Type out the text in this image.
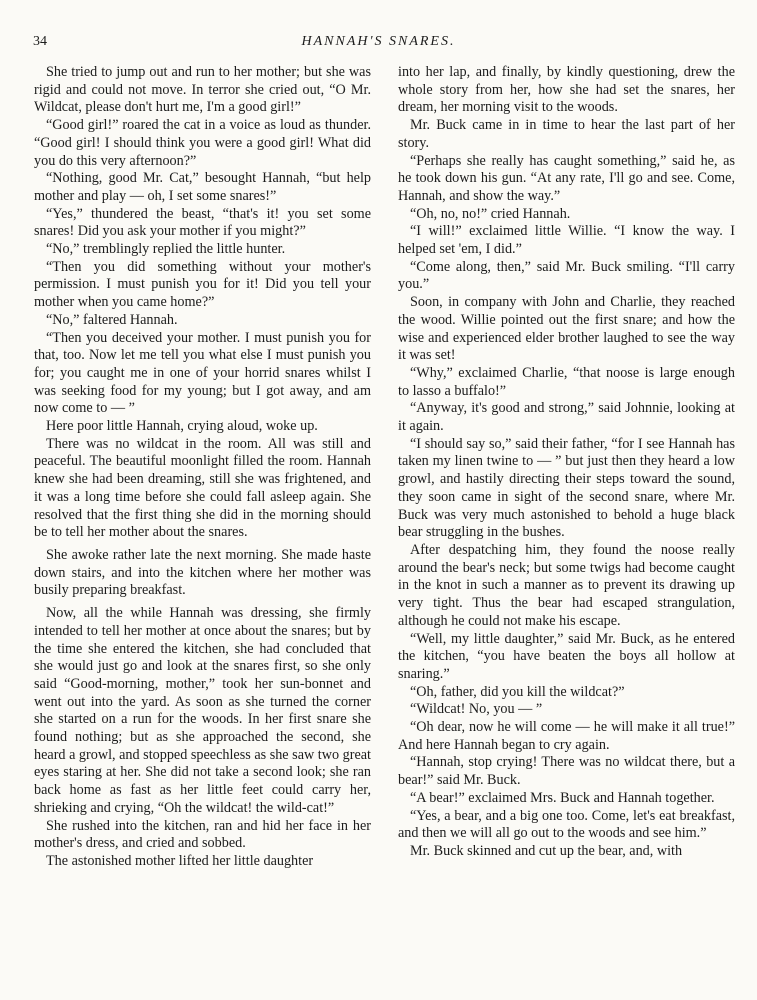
34	HANNAH'S SNARES.

She tried to jump out and run to her mother; but she was rigid and could not move. In terror she cried out, “O Mr. Wildcat, please don't hurt me, I'm a good girl!”

“Good girl!” roared the cat in a voice as loud as thunder. “Good girl! I should think you were a good girl! What did you do this very afternoon?”

“Nothing, good Mr. Cat,” besought Hannah, “but help mother and play — oh, I set some snares!”

“Yes,” thundered the beast, “that's it! you set some snares! Did you ask your mother if you might?”

“No,” tremblingly replied the little hunter.

“Then you did something without your mother's permission. I must punish you for it! Did you tell your mother when you came home?”

“No,” faltered Hannah.

“Then you deceived your mother. I must punish you for that, too. Now let me tell you what else I must punish you for; you caught me in one of your horrid snares whilst I was seeking food for my young; but I got away, and am now come to — ”

Here poor little Hannah, crying aloud, woke up.

There was no wildcat in the room. All was still and peaceful. The beautiful moonlight filled the room. Hannah knew she had been dreaming, still she was frightened, and it was a long time before she could fall asleep again. She resolved that the first thing she did in the morning should be to tell her mother about the snares.

She awoke rather late the next morning. She made haste down stairs, and into the kitchen where her mother was busily preparing breakfast.

Now, all the while Hannah was dressing, she firmly intended to tell her mother at once about the snares; but by the time she entered the kitchen, she had concluded that she would just go and look at the snares first, so she only said “Good-morning, mother,” took her sun-bonnet and went out into the yard. As soon as she turned the corner she started on a run for the woods. In her first snare she found nothing; but as she approached the second, she heard a growl, and stopped speechless as she saw two great eyes staring at her. She did not take a second look; she ran back home as fast as her little feet could carry her, shrieking and crying, “Oh the wildcat! the wild-cat!”

She rushed into the kitchen, ran and hid her face in her mother's dress, and cried and sobbed.

The astonished mother lifted her little daughter

into her lap, and finally, by kindly questioning, drew the whole story from her, how she had set the snares, her dream, her morning visit to the woods.

Mr. Buck came in in time to hear the last part of her story.

“Perhaps she really has caught something,” said he, as he took down his gun. “At any rate, I'll go and see. Come, Hannah, and show the way.”

“Oh, no, no!” cried Hannah.

“I will!” exclaimed little Willie. “I know the way. I helped set 'em, I did.”

“Come along, then,” said Mr. Buck smiling. “I'll carry you.”

Soon, in company with John and Charlie, they reached the wood. Willie pointed out the first snare; and how the wise and experienced elder brother laughed to see the way it was set!

“Why,” exclaimed Charlie, “that noose is large enough to lasso a buffalo!”

“Anyway, it's good and strong,” said Johnnie, looking at it again.

“I should say so,” said their father, “for I see Hannah has taken my linen twine to — ” but just then they heard a low growl, and hastily directing their steps toward the sound, they soon came in sight of the second snare, where Mr. Buck was very much astonished to behold a huge black bear struggling in the bushes.

After despatching him, they found the noose really around the bear's neck; but some twigs had become caught in the knot in such a manner as to prevent its drawing up very tight. Thus the bear had escaped strangulation, although he could not make his escape.

“Well, my little daughter,” said Mr. Buck, as he entered the kitchen, “you have beaten the boys all hollow at snaring.”

“Oh, father, did you kill the wildcat?”

“Wildcat! No, you — ”

“Oh dear, now he will come — he will make it all true!” And here Hannah began to cry again.

“Hannah, stop crying! There was no wildcat there, but a bear!” said Mr. Buck.

“A bear!” exclaimed Mrs. Buck and Hannah together.

“Yes, a bear, and a big one too. Come, let's eat breakfast, and then we will all go out to the woods and see him.”

Mr. Buck skinned and cut up the bear, and, with
